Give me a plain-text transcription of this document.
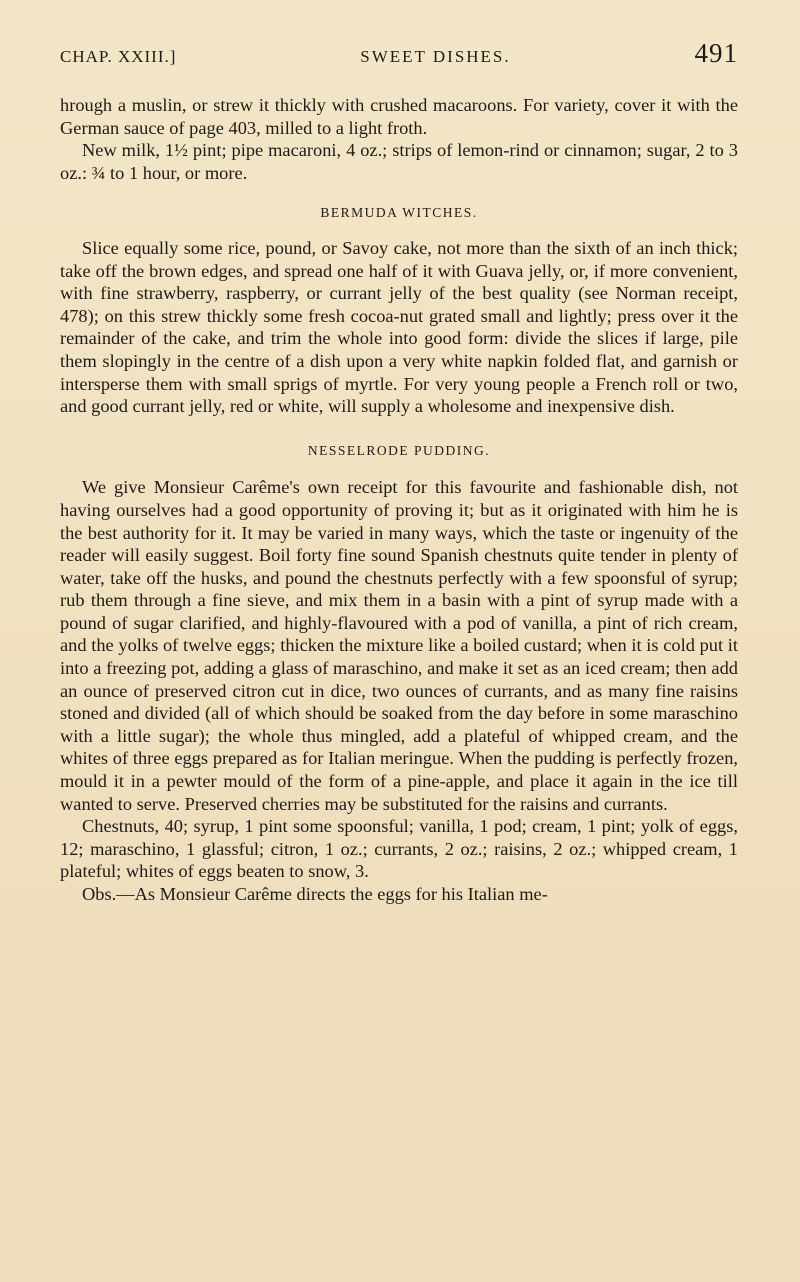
CHAP. XXIII.]	SWEET DISHES.	491

hrough a muslin, or strew it thickly with crushed macaroons. For variety, cover it with the German sauce of page 403, milled to a light froth.

New milk, 1½ pint; pipe macaroni, 4 oz.; strips of lemon-rind or cinnamon; sugar, 2 to 3 oz.: ¾ to 1 hour, or more.

BERMUDA WITCHES.

Slice equally some rice, pound, or Savoy cake, not more than the sixth of an inch thick; take off the brown edges, and spread one half of it with Guava jelly, or, if more convenient, with fine strawberry, raspberry, or currant jelly of the best quality (see Norman receipt, 478); on this strew thickly some fresh cocoa-nut grated small and lightly; press over it the remainder of the cake, and trim the whole into good form: divide the slices if large, pile them slopingly in the centre of a dish upon a very white napkin folded flat, and garnish or intersperse them with small sprigs of myrtle. For very young people a French roll or two, and good currant jelly, red or white, will supply a wholesome and inexpensive dish.

NESSELRODE PUDDING.

We give Monsieur Carême's own receipt for this favourite and fashionable dish, not having ourselves had a good opportunity of proving it; but as it originated with him he is the best authority for it. It may be varied in many ways, which the taste or ingenuity of the reader will easily suggest. Boil forty fine sound Spanish chestnuts quite tender in plenty of water, take off the husks, and pound the chestnuts perfectly with a few spoonsful of syrup; rub them through a fine sieve, and mix them in a basin with a pint of syrup made with a pound of sugar clarified, and highly-flavoured with a pod of vanilla, a pint of rich cream, and the yolks of twelve eggs; thicken the mixture like a boiled custard; when it is cold put it into a freezing pot, adding a glass of maraschino, and make it set as an iced cream; then add an ounce of preserved citron cut in dice, two ounces of currants, and as many fine raisins stoned and divided (all of which should be soaked from the day before in some maraschino with a little sugar); the whole thus mingled, add a plateful of whipped cream, and the whites of three eggs prepared as for Italian meringue. When the pudding is perfectly frozen, mould it in a pewter mould of the form of a pine-apple, and place it again in the ice till wanted to serve. Preserved cherries may be substituted for the raisins and currants.

Chestnuts, 40; syrup, 1 pint some spoonsful; vanilla, 1 pod; cream, 1 pint; yolk of eggs, 12; maraschino, 1 glassful; citron, 1 oz.; currants, 2 oz.; raisins, 2 oz.; whipped cream, 1 plateful; whites of eggs beaten to snow, 3.

Obs.—As Monsieur Carême directs the eggs for his Italian me-
